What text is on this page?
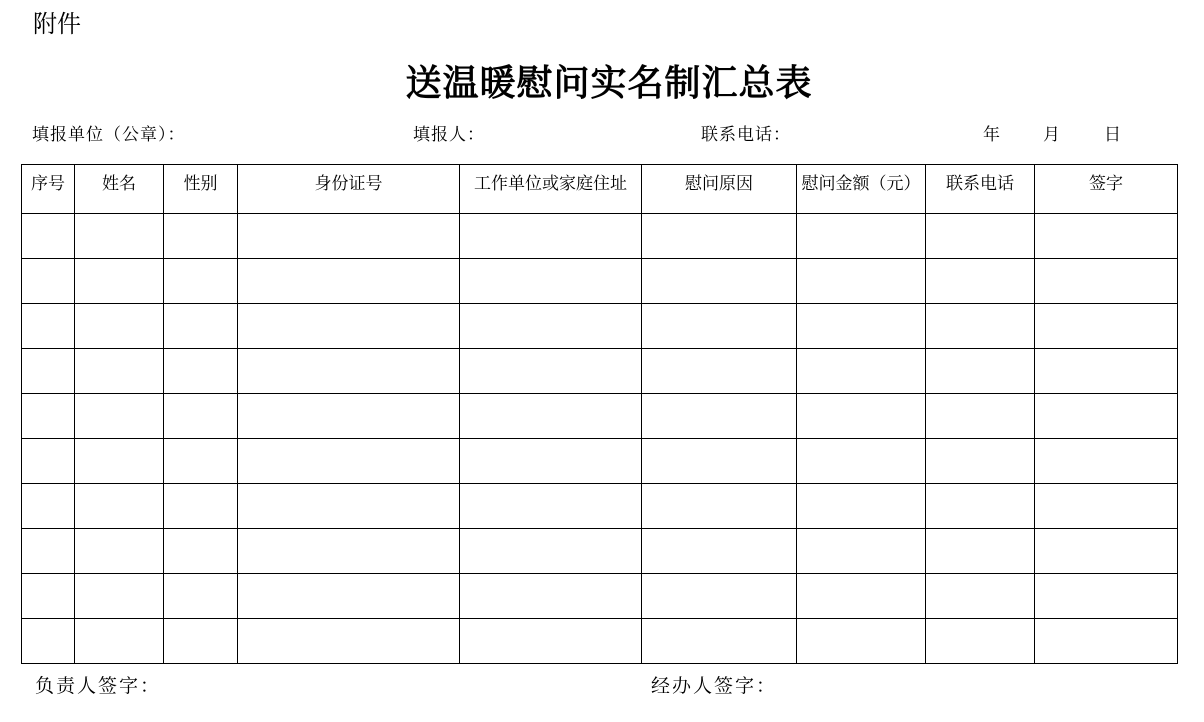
附件
送温暖慰问实名制汇总表
填报单位（公章）：	填报人：	联系电话：	年	月	日
序号	姓名	性别	身份证号	工作单位或家庭住址	慰问原因	慰问金额（元）	联系电话	签字

负责人签字：	经办人签字：
